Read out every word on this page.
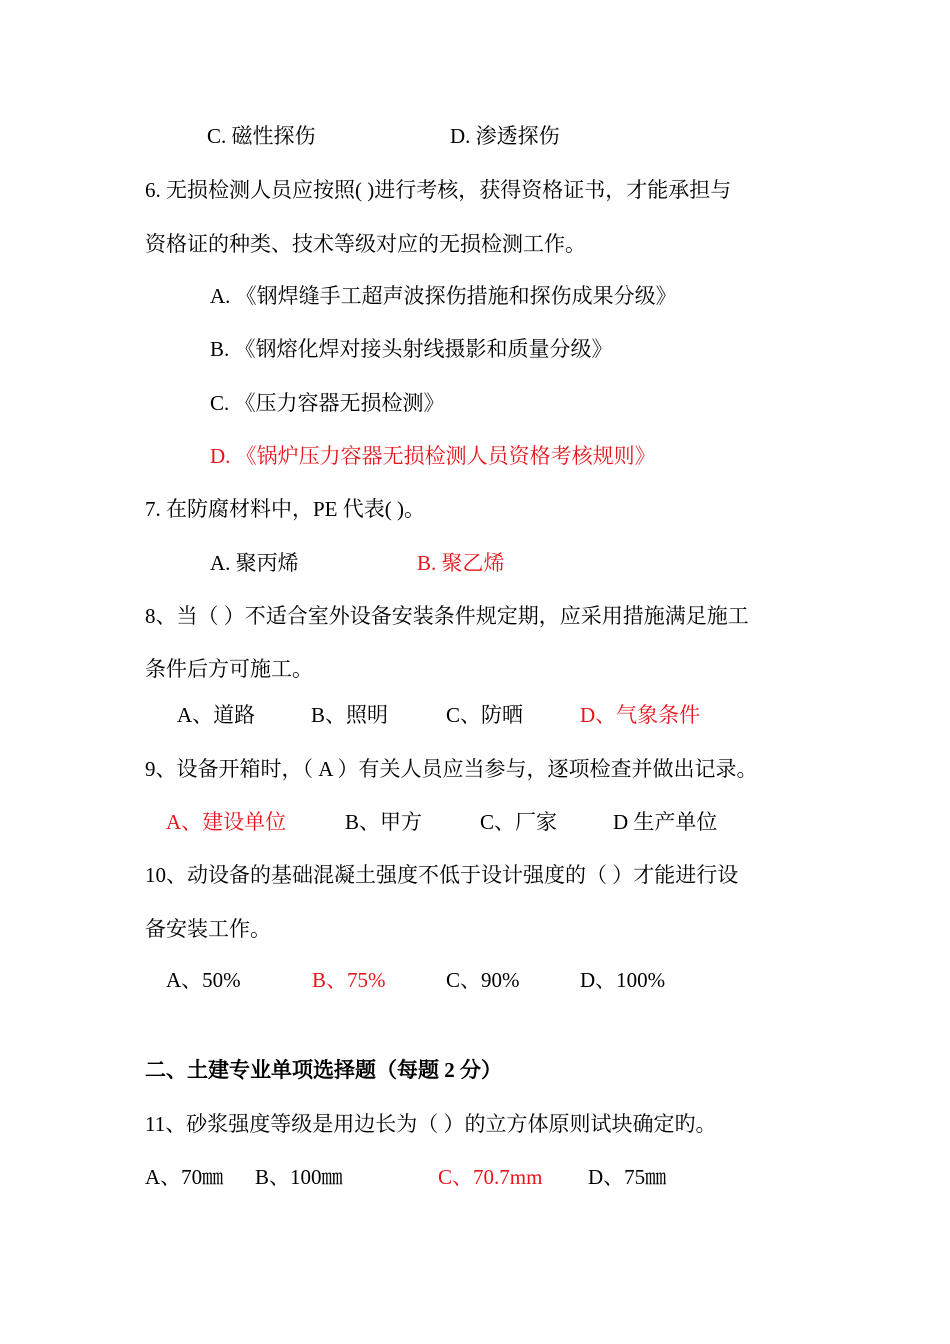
C. 磁性探伤	D. 渗透探伤
6. 无损检测人员应按照( )进行考核，获得资格证书，才能承担与
资格证的种类、技术等级对应的无损检测工作。
A. 《钢焊缝手工超声波探伤措施和探伤成果分级》
B. 《钢熔化焊对接头射线摄影和质量分级》
C. 《压力容器无损检测》
D. 《锅炉压力容器无损检测人员资格考核规则》
7. 在防腐材料中，PE 代表( )。
A. 聚丙烯	B. 聚乙烯
8、当（ ）不适合室外设备安装条件规定期，应采用措施满足施工
条件后方可施工。
A、道路	B、照明	C、防晒	D、气象条件
9、设备开箱时，（ A ）有关人员应当参与，逐项检查并做出记录。
A、建设单位	B、甲方	C、厂家	D 生产单位
10、动设备的基础混凝土强度不低于设计强度的（ ）才能进行设
备安装工作。
A、50%	B、75%	C、90%	D、100%
二、土建专业单项选择题（每题 2 分）
11、砂浆强度等级是用边长为（ ）的立方体原则试块确定旳。
A、70㎜ B、100㎜	C、70.7mm D、75㎜
